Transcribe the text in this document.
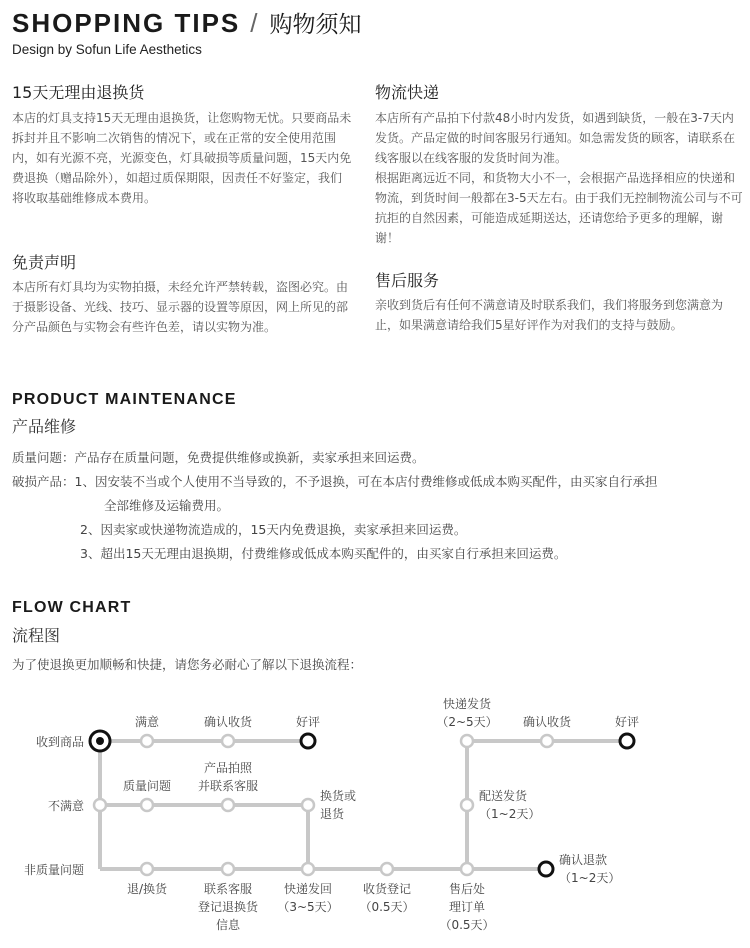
SHOPPING TIPS / 购物须知
Design by Sofun Life Aesthetics
15天无理由退换货
本店的灯具支持15天无理由退换货，让您购物无忧。只要商品未拆封并且不影响二次销售的情况下，或在正常的安全使用范围内，如有光源不亮，光源变色，灯具破损等质量问题，15天内免费退换（赠品除外），如超过质保期限，因责任不好鉴定，我们将收取基础维修成本费用。
免责声明
本店所有灯具均为实物拍摄，未经允许严禁转载，盗图必究。由于摄影设备、光线、技巧、显示器的设置等原因，网上所见的部分产品颜色与实物会有些许色差，请以实物为准。
物流快递
本店所有产品拍下付款48小时内发货，如遇到缺货，一般在3-7天内发货。产品定做的时间客服另行通知。如急需发货的顾客，请联系在线客服以在线客服的发货时间为准。
根据距离远近不同，和货物大小不一，会根据产品选择相应的快递和物流，到货时间一般都在3-5天左右。由于我们无控制物流公司与不可抗拒的自然因素，可能造成延期送达，还请您给予更多的理解，谢谢！
售后服务
亲收到货后有任何不满意请及时联系我们，我们将服务到您满意为止，如果满意请给我们5星好评作为对我们的支持与鼓励。
PRODUCT MAINTENANCE
产品维修
质量问题：产品存在质量问题，免费提供维修或换新，卖家承担来回运费。
破损产品：1、因安装不当或个人使用不当导致的，不予退换，可在本店付费维修或低成本购买配件，由买家自行承担
全部维修及运输费用。
2、因卖家或快递物流造成的，15天内免费退换，卖家承担来回运费。
3、超出15天无理由退换期，付费维修或低成本购买配件的，由买家自行承担来回运费。
FLOW CHART
流程图
为了使退换更加顺畅和快捷，请您务必耐心了解以下退换流程：
收到商品
不满意
非质量问题
满意	确认收货	好评
质量问题
产品拍照
并联系客服
换货或
退货
退/换货	联系客服
登记退换货
信息
快递发回
（3~5天）
收货登记
（0.5天）
售后处
理订单
（0.5天）
快递发货
（2~5天） 确认收货	好评
配送发货
（1~2天）
确认退款
（1~2天）
